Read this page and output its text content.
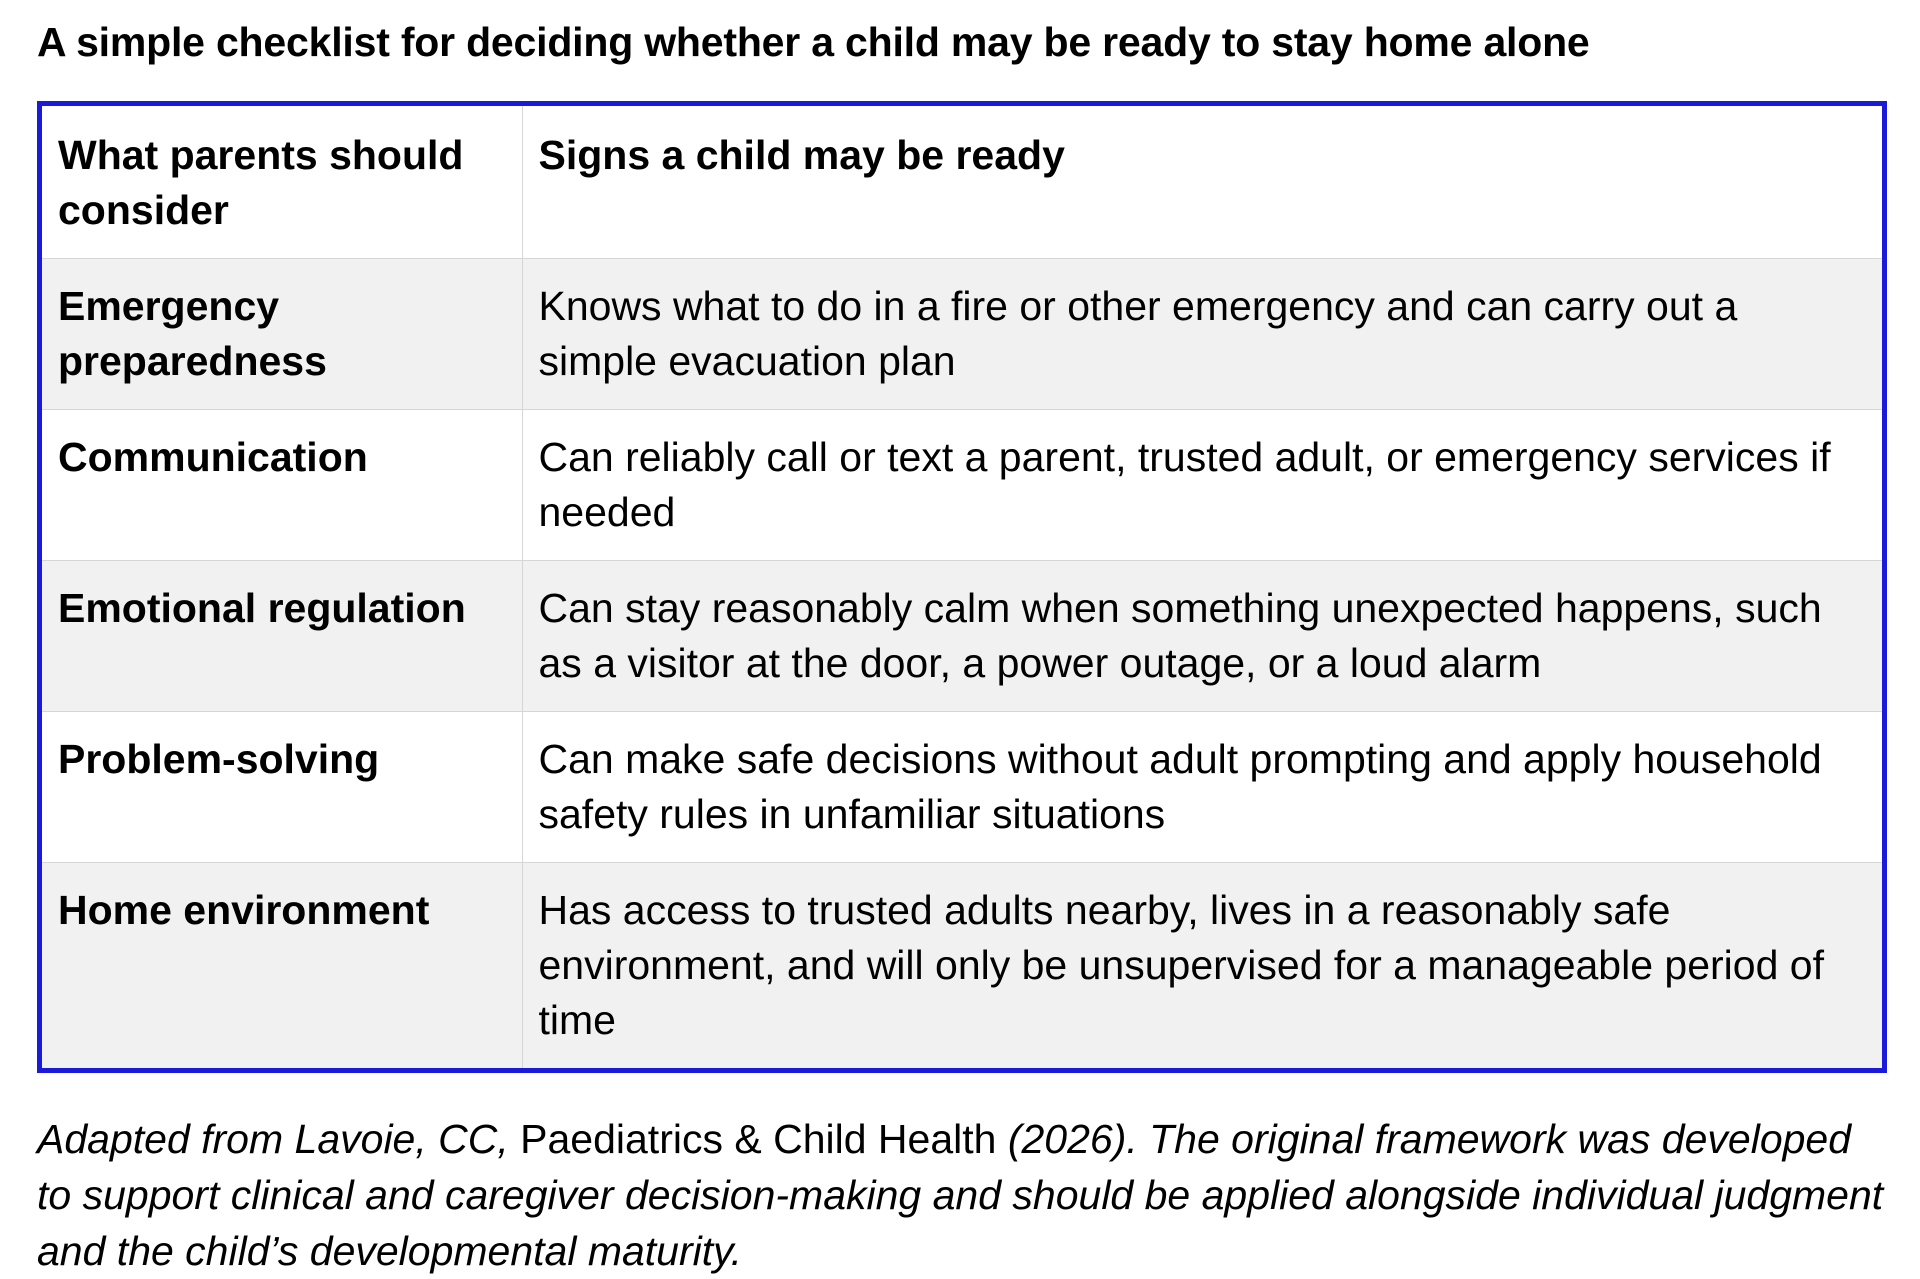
A simple checklist for deciding whether a child may be ready to stay home alone
What parents should consider	Signs a child may be ready
Emergency preparedness	Knows what to do in a fire or other emergency and can carry out a simple evacuation plan
Communication	Can reliably call or text a parent, trusted adult, or emergency services if needed
Emotional regulation	Can stay reasonably calm when something unexpected happens, such as a visitor at the door, a power outage, or a loud alarm
Problem-solving	Can make safe decisions without adult prompting and apply household safety rules in unfamiliar situations
Home environment	Has access to trusted adults nearby, lives in a reasonably safe environment, and will only be unsupervised for a manageable period of time

Adapted from Lavoie, CC, Paediatrics & Child Health (2026). The original framework was developed to support clinical and caregiver decision-making and should be applied alongside individual judgment and the child’s developmental maturity.
